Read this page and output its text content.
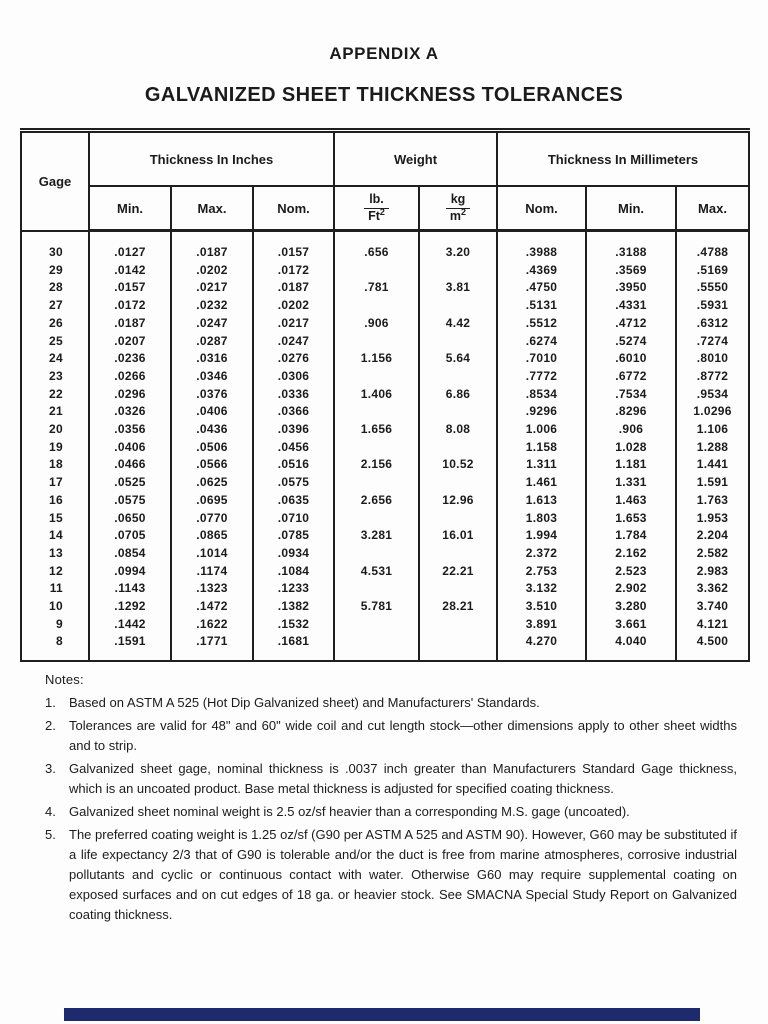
APPENDIX A
GALVANIZED SHEET THICKNESS TOLERANCES
Gage	Thickness In Inches			Weight		Thickness In Millimeters		
	Min.	Max.	Nom.	$\frac{lb.}{Ft^2}$	$\frac{kg}{m^2}$	Nom.	Min.	Max.
30	.0127	.0187	.0157	.656	3.20	.3988	.3188	.4788
29	.0142	.0202	.0172			.4369	.3569	.5169
28	.0157	.0217	.0187	.781	3.81	.4750	.3950	.5550
27	.0172	.0232	.0202			.5131	.4331	.5931
26	.0187	.0247	.0217	.906	4.42	.5512	.4712	.6312
25	.0207	.0287	.0247			.6274	.5274	.7274
24	.0236	.0316	.0276	1.156	5.64	.7010	.6010	.8010
23	.0266	.0346	.0306			.7772	.6772	.8772
22	.0296	.0376	.0336	1.406	6.86	.8534	.7534	.9534
21	.0326	.0406	.0366			.9296	.8296	1.0296
20	.0356	.0436	.0396	1.656	8.08	1.006	.906	1.106
19	.0406	.0506	.0456			1.158	1.028	1.288
18	.0466	.0566	.0516	2.156	10.52	1.311	1.181	1.441
17	.0525	.0625	.0575			1.461	1.331	1.591
16	.0575	.0695	.0635	2.656	12.96	1.613	1.463	1.763
15	.0650	.0770	.0710			1.803	1.653	1.953
14	.0705	.0865	.0785	3.281	16.01	1.994	1.784	2.204
13	.0854	.1014	.0934			2.372	2.162	2.582
12	.0994	.1174	.1084	4.531	22.21	2.753	2.523	2.983
11	.1143	.1323	.1233			3.132	2.902	3.362
10	.1292	.1472	.1382	5.781	28.21	3.510	3.280	3.740
9	.1442	.1622	.1532			3.891	3.661	4.121
8	.1591	.1771	.1681			4.270	4.040	4.500
Notes:
1.	Based on ASTM A 525 (Hot Dip Galvanized sheet) and Manufacturers' Standards.
2.	Tolerances are valid for 48" and 60" wide coil and cut length stock—other dimensions apply to other sheet widths and to strip.
3.	Galvanized sheet gage, nominal thickness is .0037 inch greater than Manufacturers Standard Gage thickness, which is an uncoated product. Base metal thickness is adjusted for specified coating thickness.
4.	Galvanized sheet nominal weight is 2.5 oz/sf heavier than a corresponding M.S. gage (uncoated).
5.	The preferred coating weight is 1.25 oz/sf (G90 per ASTM A 525 and ASTM 90). However, G60 may be substituted if a life expectancy 2/3 that of G90 is tolerable and/or the duct is free from marine atmospheres, corrosive industrial pollutants and cyclic or continuous contact with water. Otherwise G60 may require supplemental coating on exposed surfaces and on cut edges of 18 ga. or heavier stock. See SMACNA Special Study Report on Galvanized coating thickness.
